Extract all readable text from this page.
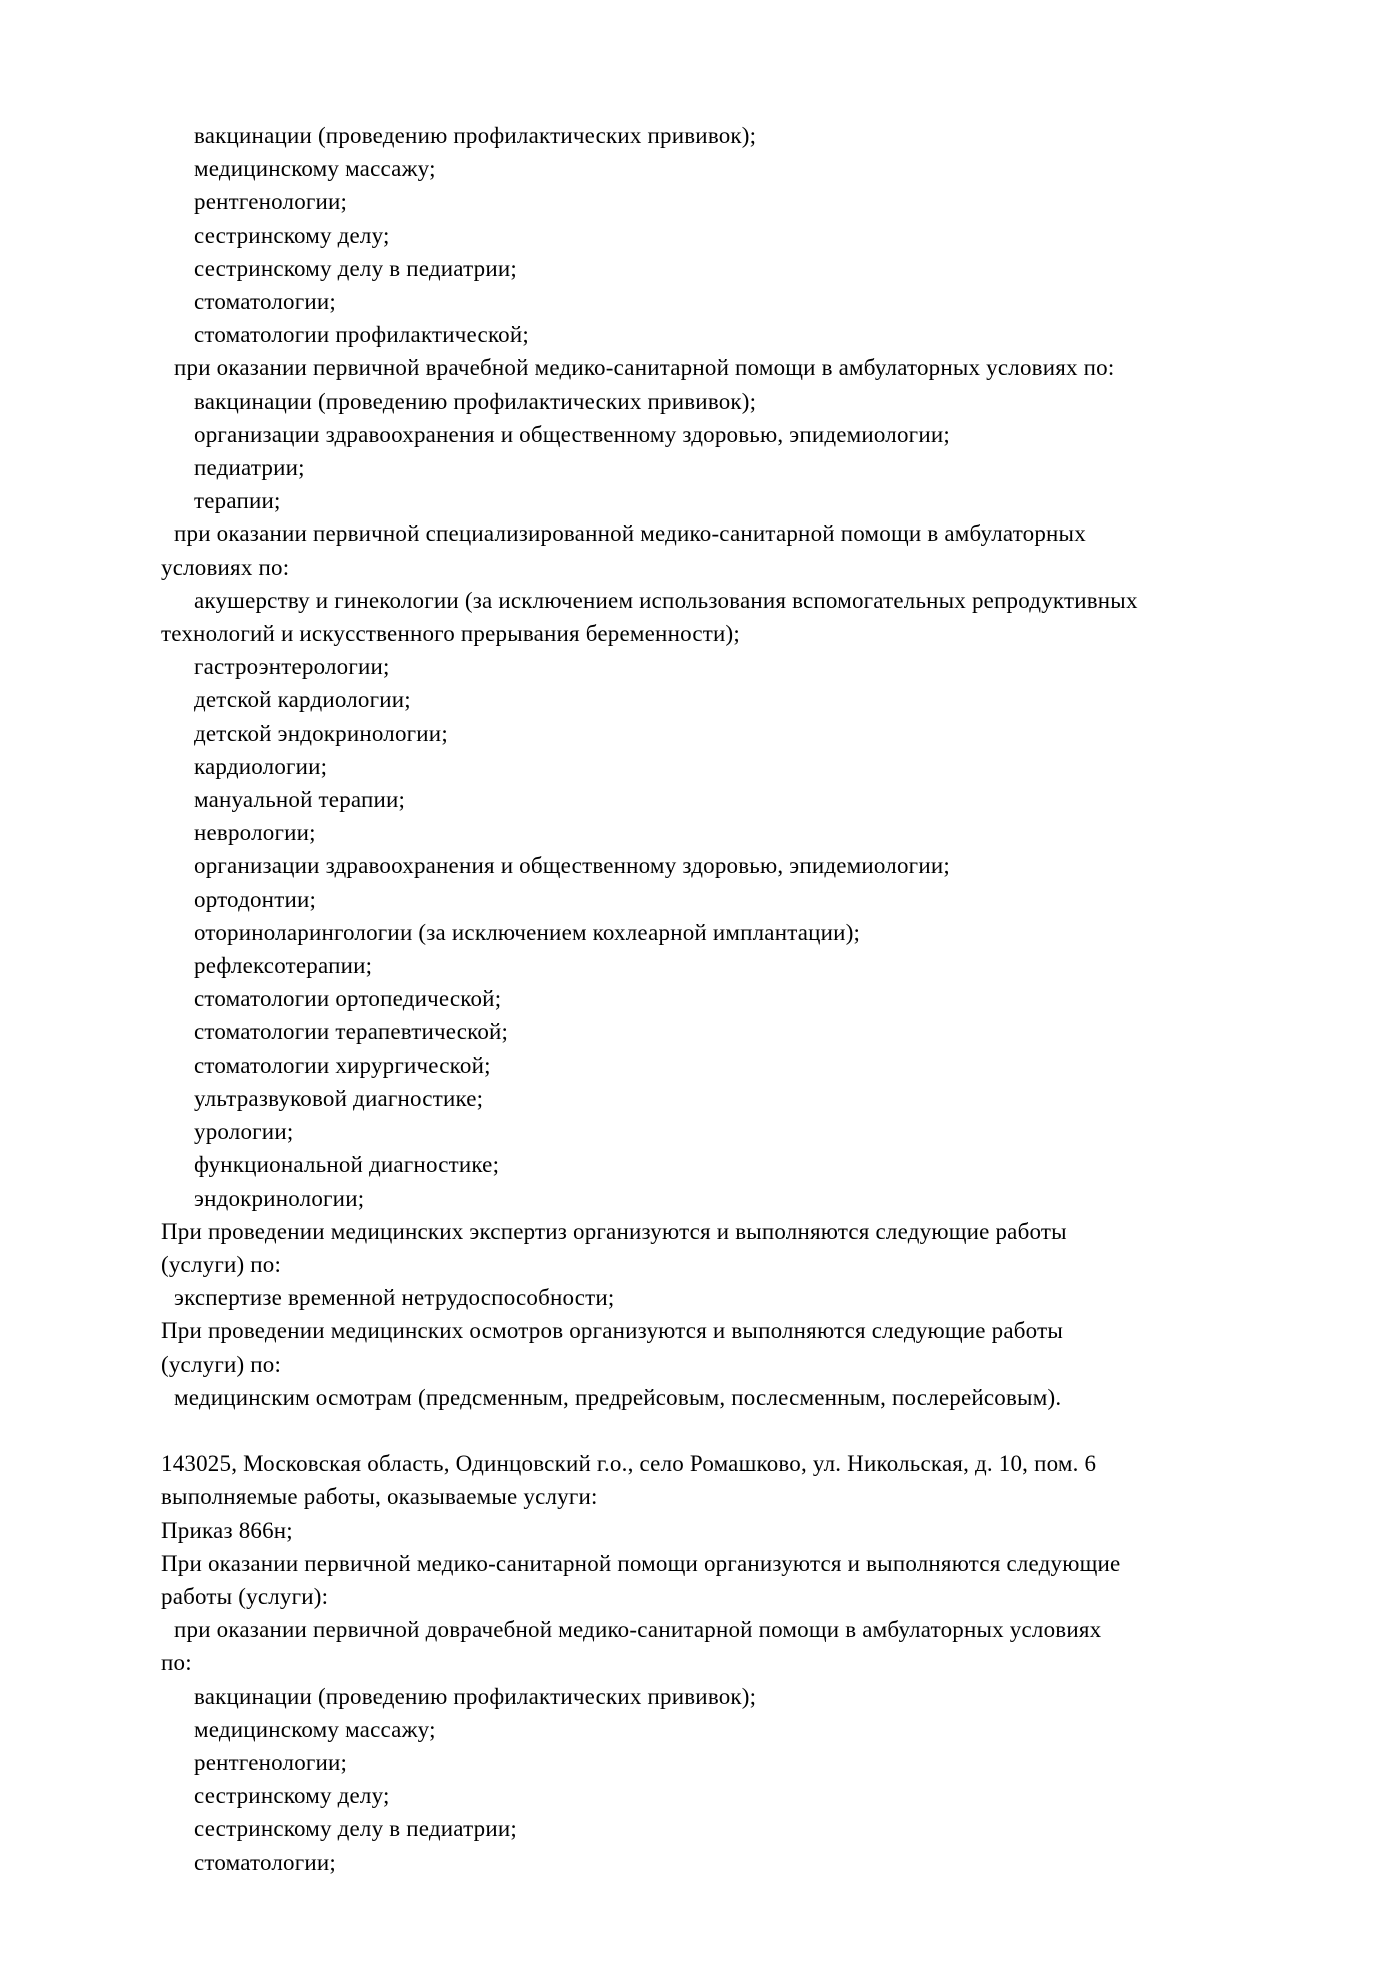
вакцинации (проведению профилактических прививок);
медицинскому массажу;
рентгенологии;
сестринскому делу;
сестринскому делу в педиатрии;
стоматологии;
стоматологии профилактической;
при оказании первичной врачебной медико-санитарной помощи в амбулаторных условиях по:
вакцинации (проведению профилактических прививок);
организации здравоохранения и общественному здоровью, эпидемиологии;
педиатрии;
терапии;
при оказании первичной специализированной медико-санитарной помощи в амбулаторных
условиях по:
акушерству и гинекологии (за исключением использования вспомогательных репродуктивных
технологий и искусственного прерывания беременности);
гастроэнтерологии;
детской кардиологии;
детской эндокринологии;
кардиологии;
мануальной терапии;
неврологии;
организации здравоохранения и общественному здоровью, эпидемиологии;
ортодонтии;
оториноларингологии (за исключением кохлеарной имплантации);
рефлексотерапии;
стоматологии ортопедической;
стоматологии терапевтической;
стоматологии хирургической;
ультразвуковой диагностике;
урологии;
функциональной диагностике;
эндокринологии;
При проведении медицинских экспертиз организуются и выполняются следующие работы
(услуги) по:
экспертизе временной нетрудоспособности;
При проведении медицинских осмотров организуются и выполняются следующие работы
(услуги) по:
медицинским осмотрам (предсменным, предрейсовым, послесменным, послерейсовым).
143025, Московская область, Одинцовский г.о., село Ромашково, ул. Никольская, д. 10, пом. 6
выполняемые работы, оказываемые услуги:
Приказ 866н;
При оказании первичной медико-санитарной помощи организуются и выполняются следующие
работы (услуги):
при оказании первичной доврачебной медико-санитарной помощи в амбулаторных условиях
по:
вакцинации (проведению профилактических прививок);
медицинскому массажу;
рентгенологии;
сестринскому делу;
сестринскому делу в педиатрии;
стоматологии;
